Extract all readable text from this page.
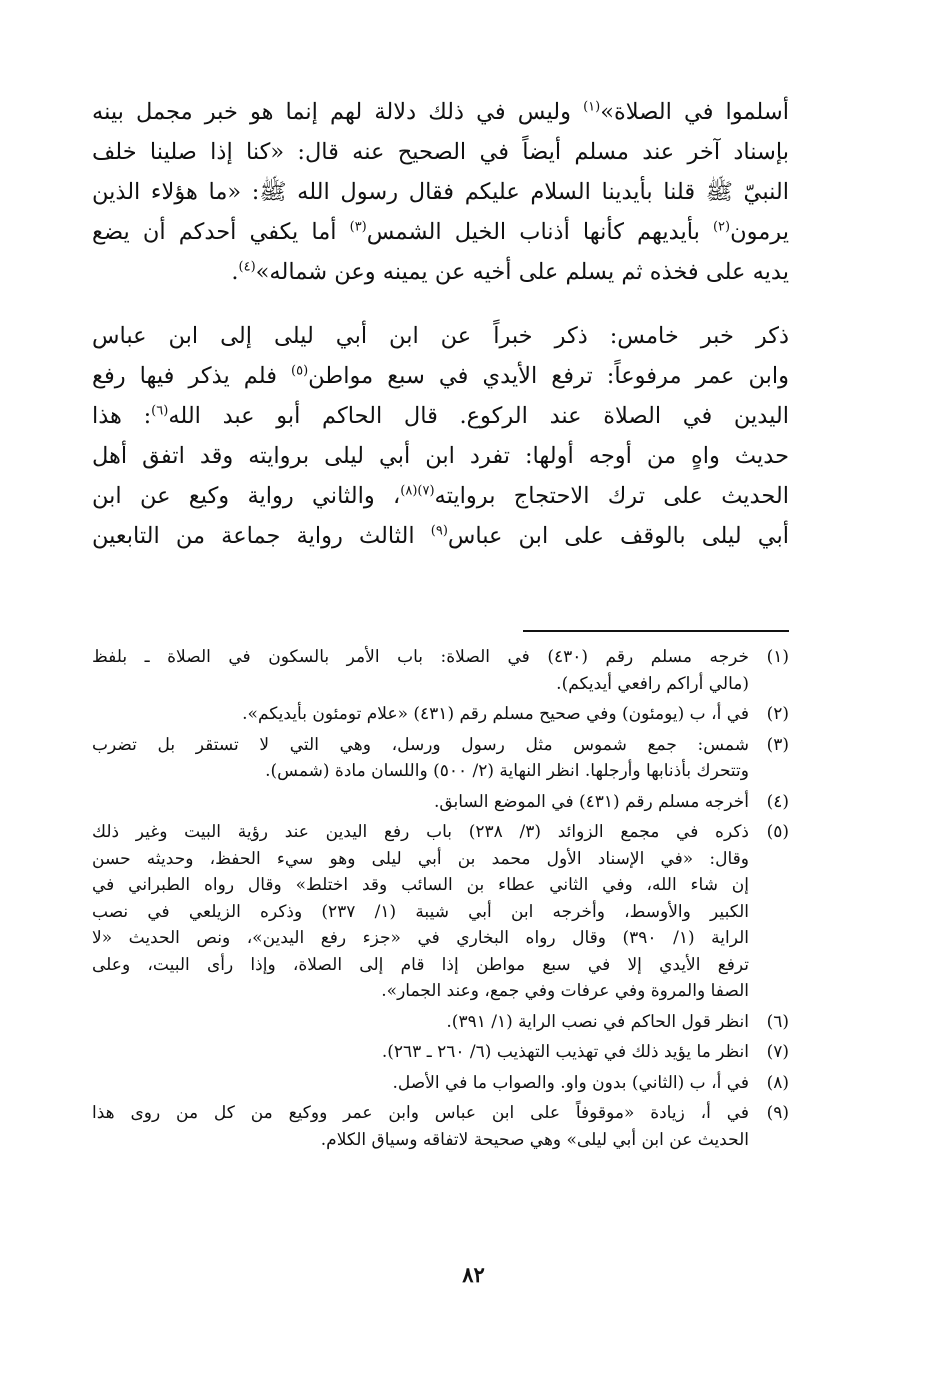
أسلموا في الصلاة»$^{(١)}$ وليس في ذلك دلالة لهم إنما هو خبر مجمل بينه
بإسناد آخر عند مسلم أيضاً في الصحيح عنه قال: «كنا إذا صلينا خلف
النبيّ ﷺ قلنا بأيدينا السلام عليكم فقال رسول الله ﷺ: «ما هؤلاء الذين
يرمون$^{(٢)}$ بأيديهم كأنها أذناب الخيل الشمس$^{(٣)}$ أما يكفي أحدكم أن يضع
يديه على فخذه ثم يسلم على أخيه عن يمينه وعن شماله»$^{(٤)}$.

ذكر خبر خامس: ذكر خبراً عن ابن أبي ليلى إلى ابن عباس
وابن عمر مرفوعاً: ترفع الأيدي في سبع مواطن$^{(٥)}$ فلم يذكر فيها رفع
اليدين في الصلاة عند الركوع. قال الحاكم أبو عبد الله$^{(٦)}$: هذا
حديث واهٍ من أوجه أولها: تفرد ابن أبي ليلى بروايته وقد اتفق أهل
الحديث على ترك الاحتجاج بروايته$^{(٧)(٨)}$، والثاني رواية وكيع عن ابن
أبي ليلى بالوقف على ابن عباس$^{(٩)}$ الثالث رواية جماعة من التابعين

(١)
خرجه مسلم رقم (٤٣٠) في الصلاة: باب الأمر بالسكون في الصلاة ـ بلفظ
(مالي أراكم رافعي أيديكم).
(٢)
في أ، ب (يومئون) وفي صحيح مسلم رقم (٤٣١) «علام تومئون بأيديكم».
(٣)
شمس: جمع شموس مثل رسول ورسل، وهي التي لا تستقر بل تضرب
وتتحرك بأذنابها وأرجلها. انظر النهاية (٢/ ٥٠٠) واللسان مادة (شمس).
(٤)
أخرجه مسلم رقم (٤٣١) في الموضع السابق.
(٥)
ذكره في مجمع الزوائد (٣/ ٢٣٨) باب رفع اليدين عند رؤية البيت وغير ذلك
وقال: «في الإسناد الأول محمد بن أبي ليلى وهو سيء الحفظ، وحديثه حسن
إن شاء الله، وفي الثاني عطاء بن السائب وقد اختلط» وقال رواه الطبراني في
الكبير والأوسط، وأخرجه ابن أبي شيبة (١/ ٢٣٧) وذكره الزيلعي في نصب
الراية (١/ ٣٩٠) وقال رواه البخاري في «جزء رفع اليدين»، ونص الحديث «لا
ترفع الأيدي إلا في سبع مواطن إذا قام إلى الصلاة، وإذا رأى البيت، وعلى
الصفا والمروة وفي عرفات وفي جمع، وعند الجمار».
(٦)
انظر قول الحاكم في نصب الراية (١/ ٣٩١).
(٧)
انظر ما يؤيد ذلك في تهذيب التهذيب (٦/ ٢٦٠ ـ ٢٦٣).
(٨)
في أ، ب (الثاني) بدون واو. والصواب ما في الأصل.
(٩)
في أ، زيادة «موقوفاً على ابن عباس وابن عمر ووكيع من كل من روى هذا
الحديث عن ابن أبي ليلى» وهي صحيحة لاتفاقه وسياق الكلام.
٨٢
